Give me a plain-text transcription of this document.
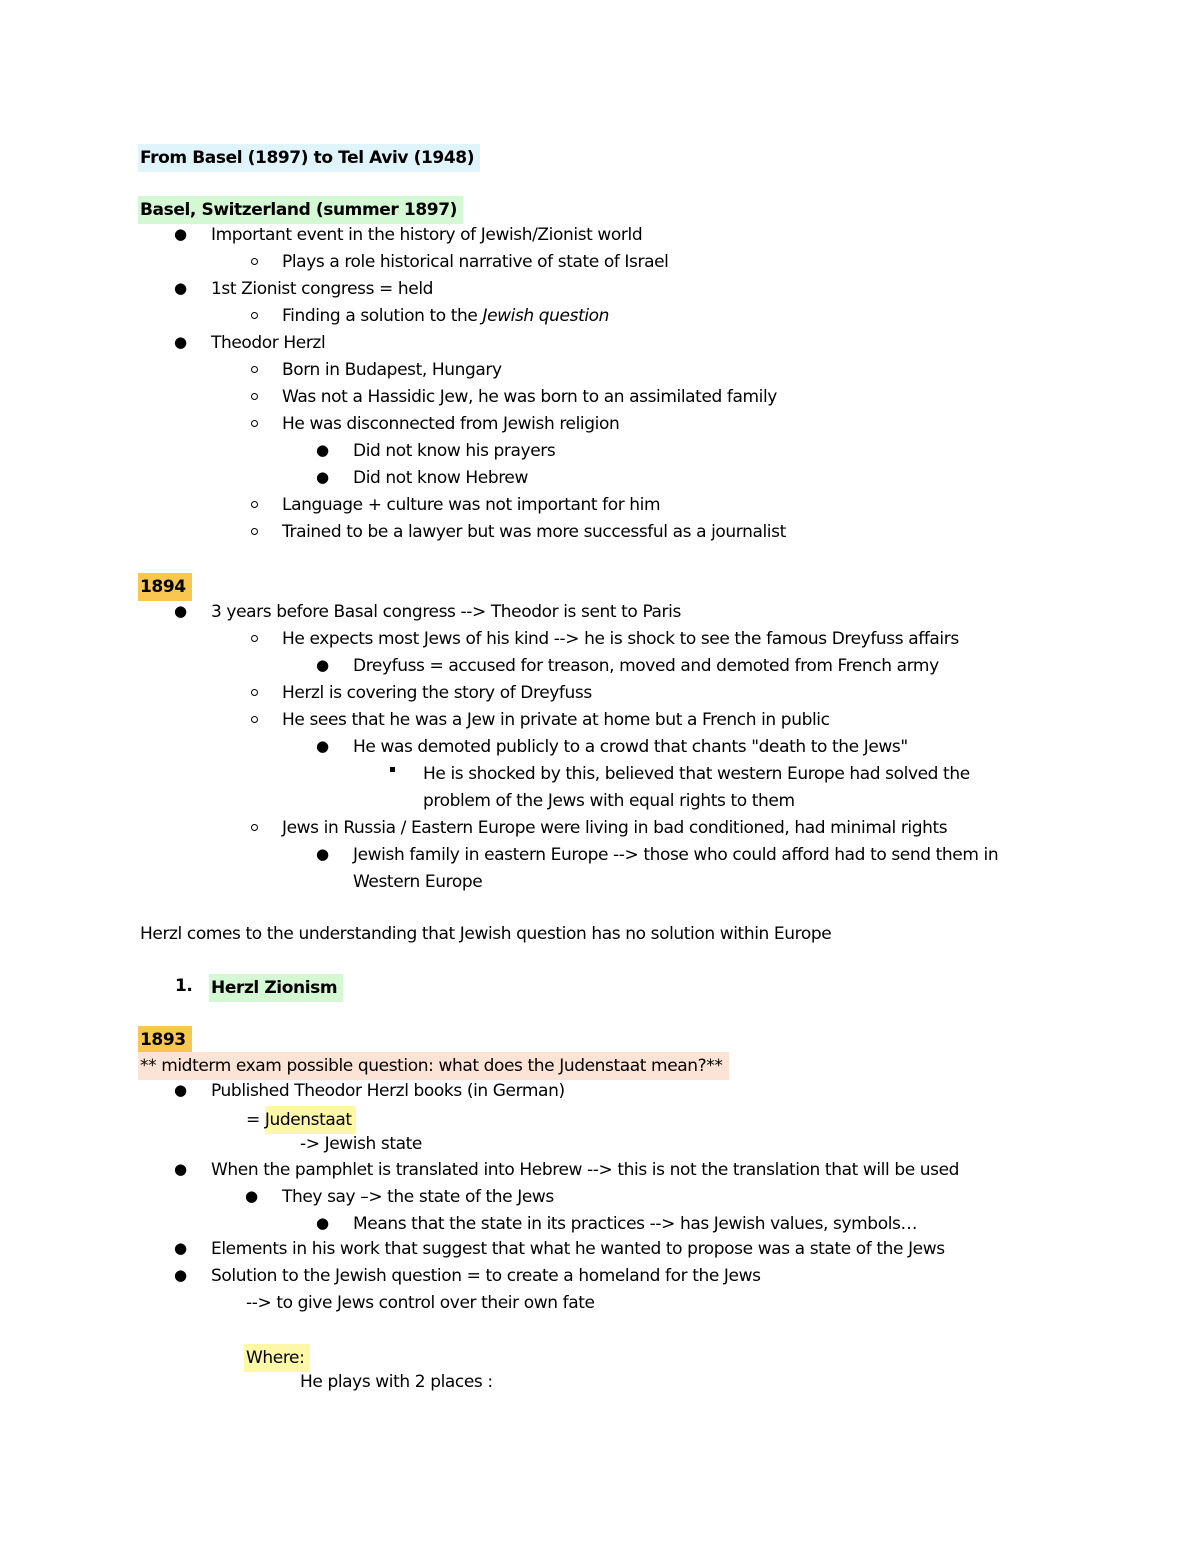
From Basel (1897) to Tel Aviv (1948)
Basel, Switzerland (summer 1897)
● Important event in the history of Jewish/Zionist world
Plays a role historical narrative of state of Israel
● 1st Zionist congress = held
Finding a solution to the Jewish question
● Theodor Herzl
Born in Budapest, Hungary
Was not a Hassidic Jew, he was born to an assimilated family
He was disconnected from Jewish religion
● Did not know his prayers
● Did not know Hebrew
Language + culture was not important for him
Trained to be a lawyer but was more successful as a journalist
1894
● 3 years before Basal congress --> Theodor is sent to Paris
He expects most Jews of his kind --> he is shock to see the famous Dreyfuss affairs
● Dreyfuss = accused for treason, moved and demoted from French army
Herzl is covering the story of Dreyfuss
He sees that he was a Jew in private at home but a French in public
● He was demoted publicly to a crowd that chants "death to the Jews"
He is shocked by this, believed that western Europe had solved the
problem of the Jews with equal rights to them
Jews in Russia / Eastern Europe were living in bad conditioned, had minimal rights
● Jewish family in eastern Europe --> those who could afford had to send them in
Western Europe
Herzl comes to the understanding that Jewish question has no solution within Europe
1. Herzl Zionism
1893
** midterm exam possible question: what does the Judenstaat mean?**
● Published Theodor Herzl books (in German)
= Judenstaat
-> Jewish state
● When the pamphlet is translated into Hebrew --> this is not the translation that will be used
● They say –> the state of the Jews
● Means that the state in its practices --> has Jewish values, symbols…
● Elements in his work that suggest that what he wanted to propose was a state of the Jews
● Solution to the Jewish question = to create a homeland for the Jews
--> to give Jews control over their own fate
Where:
He plays with 2 places :
